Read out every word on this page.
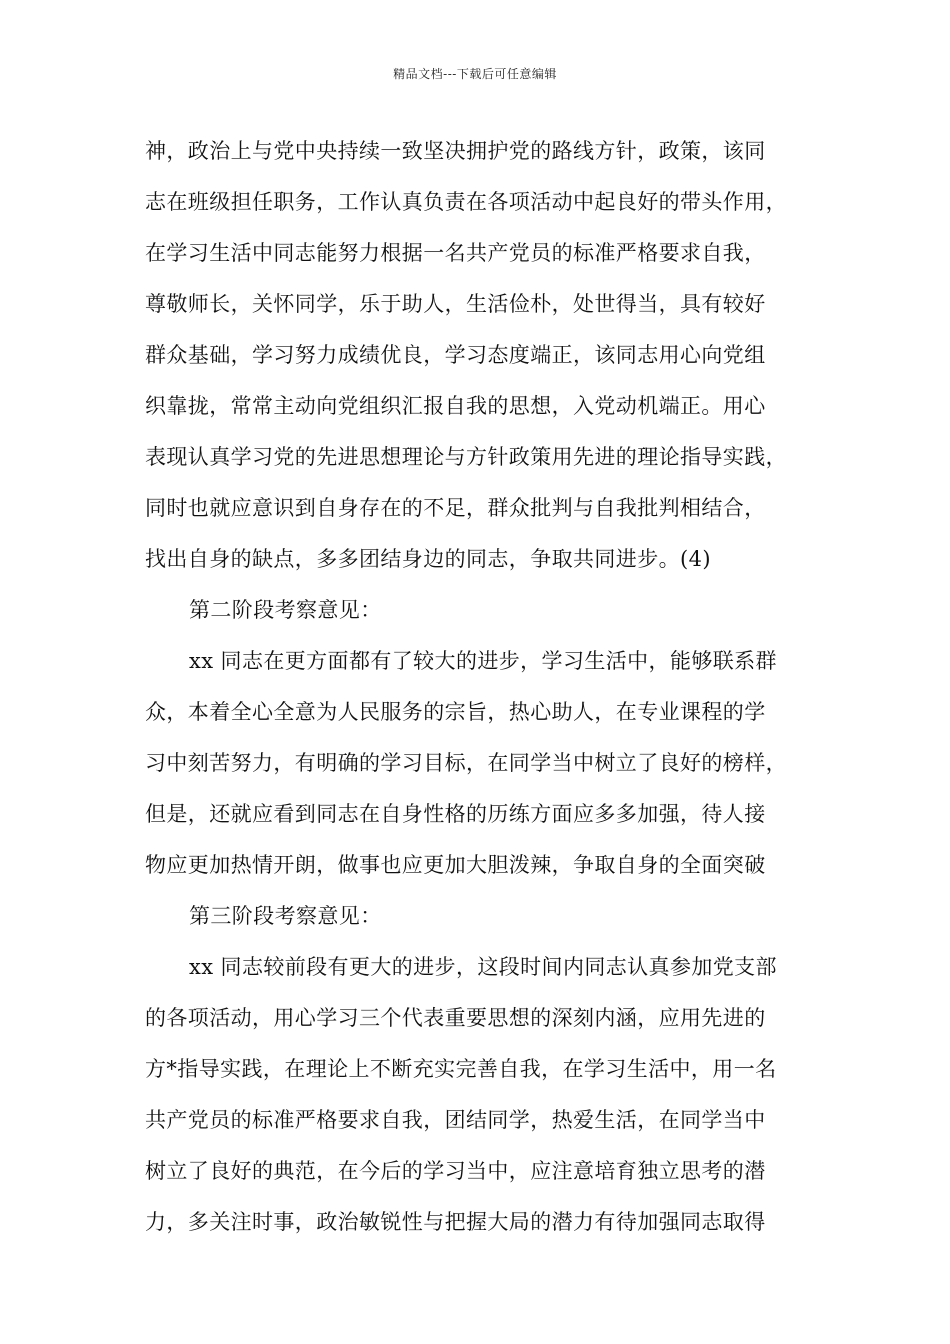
精品文档---下载后可任意编辑
神，政治上与党中央持续一致坚决拥护党的路线方针，政策，该同
志在班级担任职务，工作认真负责在各项活动中起良好的带头作用，
在学习生活中同志能努力根据一名共产党员的标准严格要求自我，
尊敬师长，关怀同学，乐于助人，生活俭朴，处世得当，具有较好
群众基础，学习努力成绩优良，学习态度端正，该同志用心向党组
织靠拢，常常主动向党组织汇报自我的思想，入党动机端正。用心
表现认真学习党的先进思想理论与方针政策用先进的理论指导实践，
同时也就应意识到自身存在的不足，群众批判与自我批判相结合，
找出自身的缺点，多多团结身边的同志，争取共同进步。(4)
第二阶段考察意见：
xx 同志在更方面都有了较大的进步，学习生活中，能够联系群
众，本着全心全意为人民服务的宗旨，热心助人，在专业课程的学
习中刻苦努力，有明确的学习目标，在同学当中树立了良好的榜样，
但是，还就应看到同志在自身性格的历练方面应多多加强，待人接
物应更加热情开朗，做事也应更加大胆泼辣，争取自身的全面突破
第三阶段考察意见：
xx 同志较前段有更大的进步，这段时间内同志认真参加党支部
的各项活动，用心学习三个代表重要思想的深刻内涵，应用先进的
方*指导实践，在理论上不断充实完善自我，在学习生活中，用一名
共产党员的标准严格要求自我，团结同学，热爱生活，在同学当中
树立了良好的典范，在今后的学习当中，应注意培育独立思考的潜
力，多关注时事，政治敏锐性与把握大局的潜力有待加强同志取得
